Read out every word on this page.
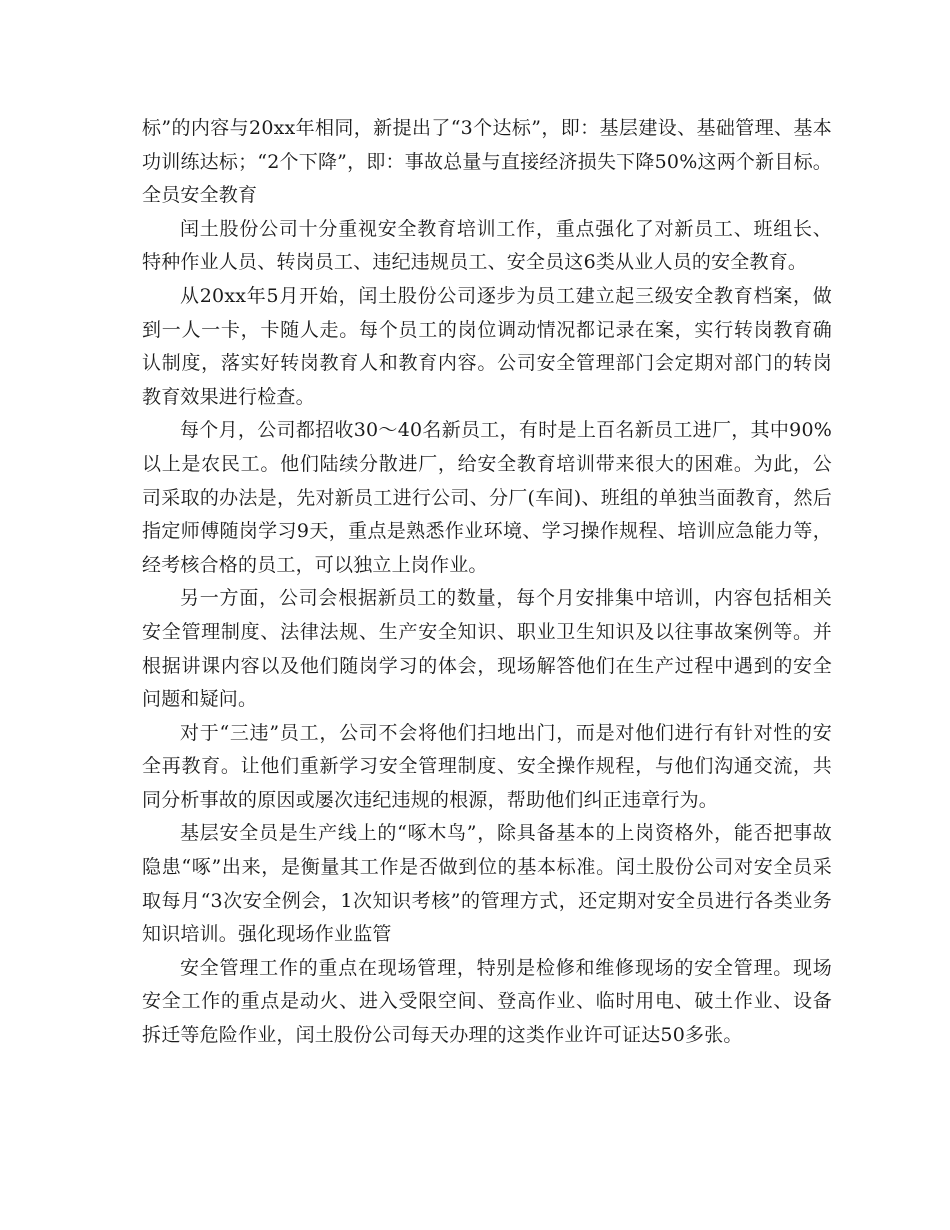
标”的内容与20xx年相同，新提出了“3个达标”，即：基层建设、基础管理、基本功训练达标；“2个下降”，即：事故总量与直接经济损失下降50%这两个新目标。全员安全教育

闰土股份公司十分重视安全教育培训工作，重点强化了对新员工、班组长、特种作业人员、转岗员工、违纪违规员工、安全员这6类从业人员的安全教育。

从20xx年5月开始，闰土股份公司逐步为员工建立起三级安全教育档案，做到一人一卡，卡随人走。每个员工的岗位调动情况都记录在案，实行转岗教育确认制度，落实好转岗教育人和教育内容。公司安全管理部门会定期对部门的转岗教育效果进行检查。

每个月，公司都招收30～40名新员工，有时是上百名新员工进厂，其中90%以上是农民工。他们陆续分散进厂，给安全教育培训带来很大的困难。为此，公司采取的办法是，先对新员工进行公司、分厂(车间)、班组的单独当面教育，然后指定师傅随岗学习9天，重点是熟悉作业环境、学习操作规程、培训应急能力等，经考核合格的员工，可以独立上岗作业。

另一方面，公司会根据新员工的数量，每个月安排集中培训，内容包括相关安全管理制度、法律法规、生产安全知识、职业卫生知识及以往事故案例等。并根据讲课内容以及他们随岗学习的体会，现场解答他们在生产过程中遇到的安全问题和疑问。

对于“三违”员工，公司不会将他们扫地出门，而是对他们进行有针对性的安全再教育。让他们重新学习安全管理制度、安全操作规程，与他们沟通交流，共同分析事故的原因或屡次违纪违规的根源，帮助他们纠正违章行为。

基层安全员是生产线上的“啄木鸟”，除具备基本的上岗资格外，能否把事故隐患“啄”出来，是衡量其工作是否做到位的基本标准。闰土股份公司对安全员采取每月“3次安全例会，1次知识考核”的管理方式，还定期对安全员进行各类业务知识培训。强化现场作业监管

安全管理工作的重点在现场管理，特别是检修和维修现场的安全管理。现场安全工作的重点是动火、进入受限空间、登高作业、临时用电、破土作业、设备拆迁等危险作业，闰土股份公司每天办理的这类作业许可证达50多张。
